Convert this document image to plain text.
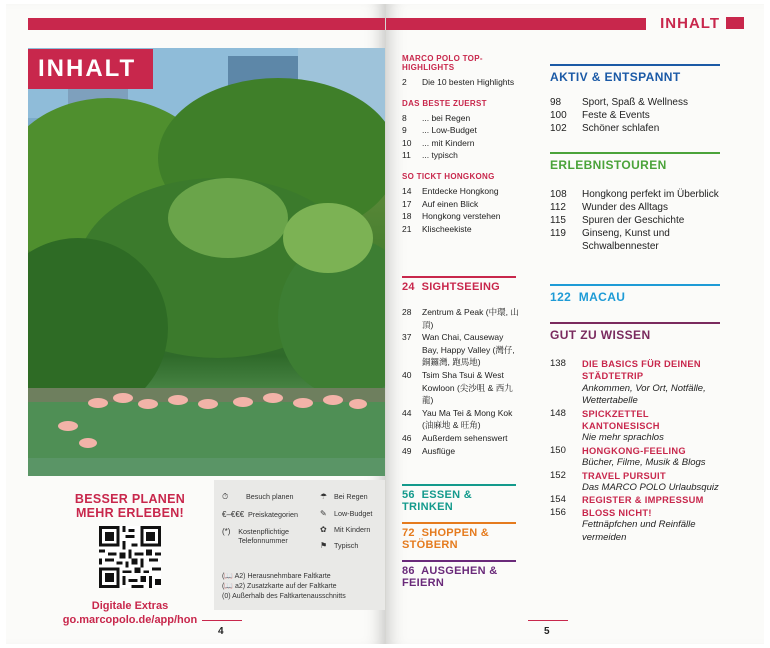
INHALT
BESSER PLANEN
MEHR ERLEBEN!
Digitale Extras
go.marcopolo.de/app/hon
⏱	Besuch planen
€–€€€ Preiskategorien
(*)	Kostenpflichtige Telefonnummer
☂ Bei Regen
✎	Low-Budget
✿	Mit Kindern
⚑ Typisch
(📖 A2) Herausnehmbare Faltkarte
(📖 a2) Zusatzkarte auf der Faltkarte
(0) Außerhalb des Faltkartenausschnitts
4
INHALT
MARCO POLO TOP-HIGHLIGHTS
2	Die 10 besten Highlights
DAS BESTE ZUERST
8	... bei Regen
9	... Low-Budget
10	... mit Kindern
11	... typisch
SO TICKT HONGKONG
14	Entdecke Hongkong
17	Auf einen Blick
18	Hongkong verstehen
21	Klischeekiste
24 SIGHTSEEING
28	Zentrum & Peak (中環, 山頂)
37	Wan Chai, Causeway Bay, Happy Valley (灣仔, 銅鑼灣, 跑馬地)
40	Tsim Sha Tsui & West Kowloon (尖沙咀 & 西九龍)
44	Yau Ma Tei & Mong Kok (油麻地 & 旺角)
46	Außerdem sehenswert
49	Ausflüge
56 ESSEN & TRINKEN
72 SHOPPEN & STÖBERN
86 AUSGEHEN & FEIERN
AKTIV & ENTSPANNT
98	Sport, Spaß & Wellness
100	Feste & Events
102	Schöner schlafen
ERLEBNISTOUREN
108	Hongkong perfekt im Überblick
112	Wunder des Alltags
115	Spuren der Geschichte
119	Ginseng, Kunst und Schwalbennester
122 MACAU
GUT ZU WISSEN
138	DIE BASICS FÜR DEINEN STÄDTETRIP
Ankommen, Vor Ort, Notfälle, Wettertabelle
148	SPICKZETTEL KANTONESISCH
Nie mehr sprachlos
150	HONGKONG-FEELING
Bücher, Filme, Musik & Blogs
152	TRAVEL PURSUIT
Das MARCO POLO Urlaubsquiz
154	REGISTER & IMPRESSUM
156	BLOSS NICHT!
Fettnäpfchen und Reinfälle vermeiden
5
